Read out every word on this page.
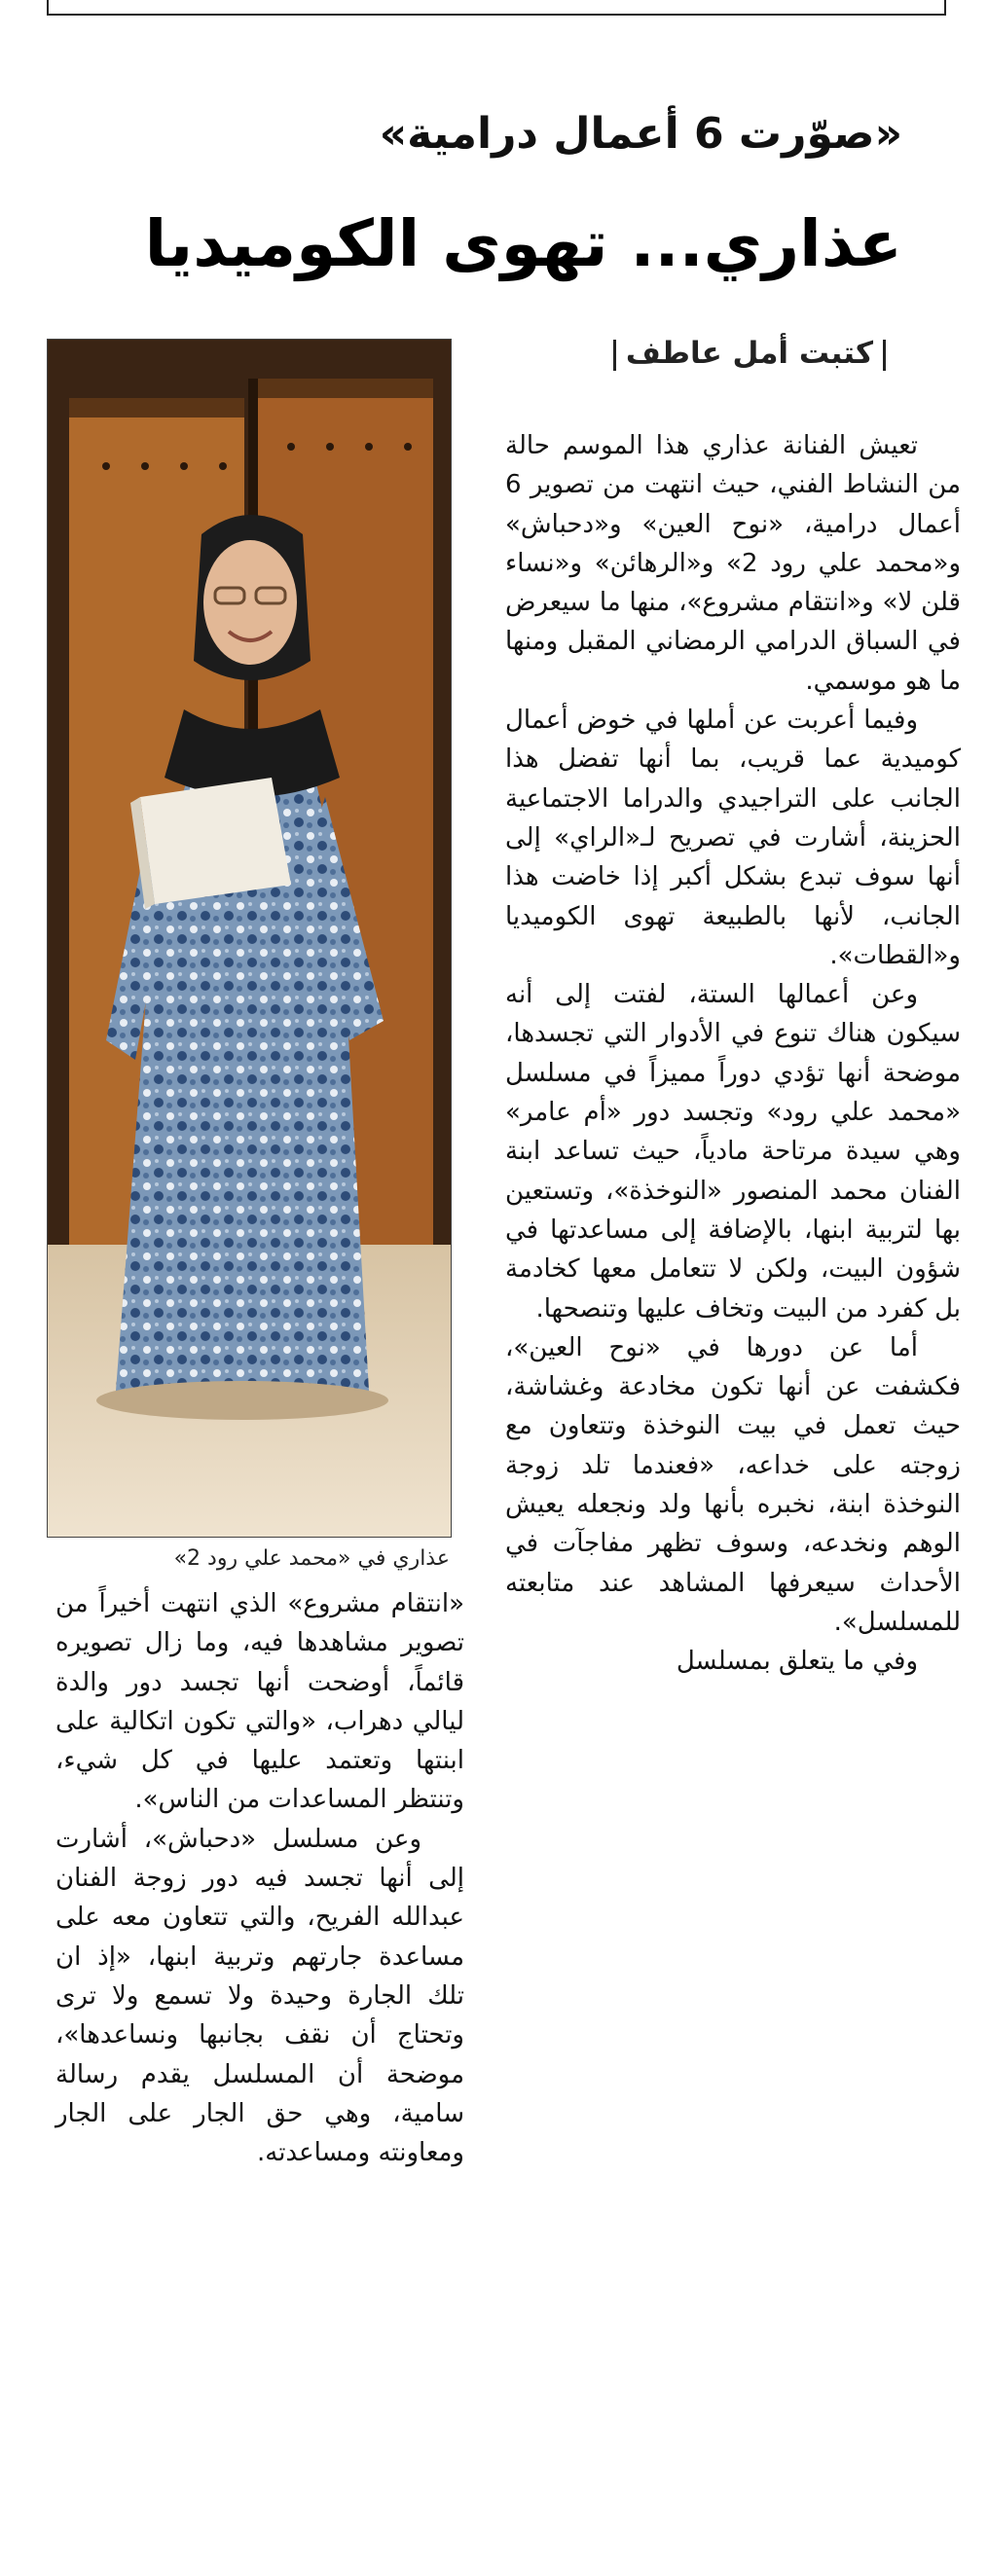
«صوّرت 6 أعمال درامية»
عذاري... تهوى الكوميديا
كتبت أمل عاطف
عذاري في «محمد علي رود 2»

تعيش الفنانة عذاري هذا الموسم حالة من النشاط الفني، حيث انتهت من تصوير 6 أعمال درامية، «نوح العين» و«دحباش» و«محمد علي رود 2» و«الرهائن» و«نساء قلن لا» و«انتقام مشروع»، منها ما سيعرض في السباق الدرامي الرمضاني المقبل ومنها ما هو موسمي.

وفيما أعربت عن أملها في خوض أعمال كوميدية عما قريب، بما أنها تفضل هذا الجانب على التراجيدي والدراما الاجتماعية الحزينة، أشارت في تصريح لـ«الراي» إلى أنها سوف تبدع بشكل أكبر إذا خاضت هذا الجانب، لأنها بالطبيعة تهوى الكوميديا و«القطات».

وعن أعمالها الستة، لفتت إلى أنه سيكون هناك تنوع في الأدوار التي تجسدها، موضحة أنها تؤدي دوراً مميزاً في مسلسل «محمد علي رود» وتجسد دور «أم عامر» وهي سيدة مرتاحة مادياً، حيث تساعد ابنة الفنان محمد المنصور «النوخذة»، وتستعين بها لتربية ابنها، بالإضافة إلى مساعدتها في شؤون البيت، ولكن لا تتعامل معها كخادمة بل كفرد من البيت وتخاف عليها وتنصحها.

أما عن دورها في «نوح العين»، فكشفت عن أنها تكون مخادعة وغشاشة، حيث تعمل في بيت النوخذة وتتعاون مع زوجته على خداعه، «فعندما تلد زوجة النوخذة ابنة، نخبره بأنها ولد ونجعله يعيش الوهم ونخدعه، وسوف تظهر مفاجآت في الأحداث سيعرفها المشاهد عند متابعته للمسلسل».

وفي ما يتعلق بمسلسل

«انتقام مشروع» الذي انتهت أخيراً من تصوير مشاهدها فيه، وما زال تصويره قائماً، أوضحت أنها تجسد دور والدة ليالي دهراب، «والتي تكون اتكالية على ابنتها وتعتمد عليها في كل شيء، وتنتظر المساعدات من الناس».

وعن مسلسل «دحباش»، أشارت إلى أنها تجسد فيه دور زوجة الفنان عبدالله الفريح، والتي تتعاون معه على مساعدة جارتهم وتربية ابنها، «إذ ان تلك الجارة وحيدة ولا تسمع ولا ترى وتحتاج أن نقف بجانبها ونساعدها»، موضحة أن المسلسل يقدم رسالة سامية، وهي حق الجار على الجار ومعاونته ومساعدته.
